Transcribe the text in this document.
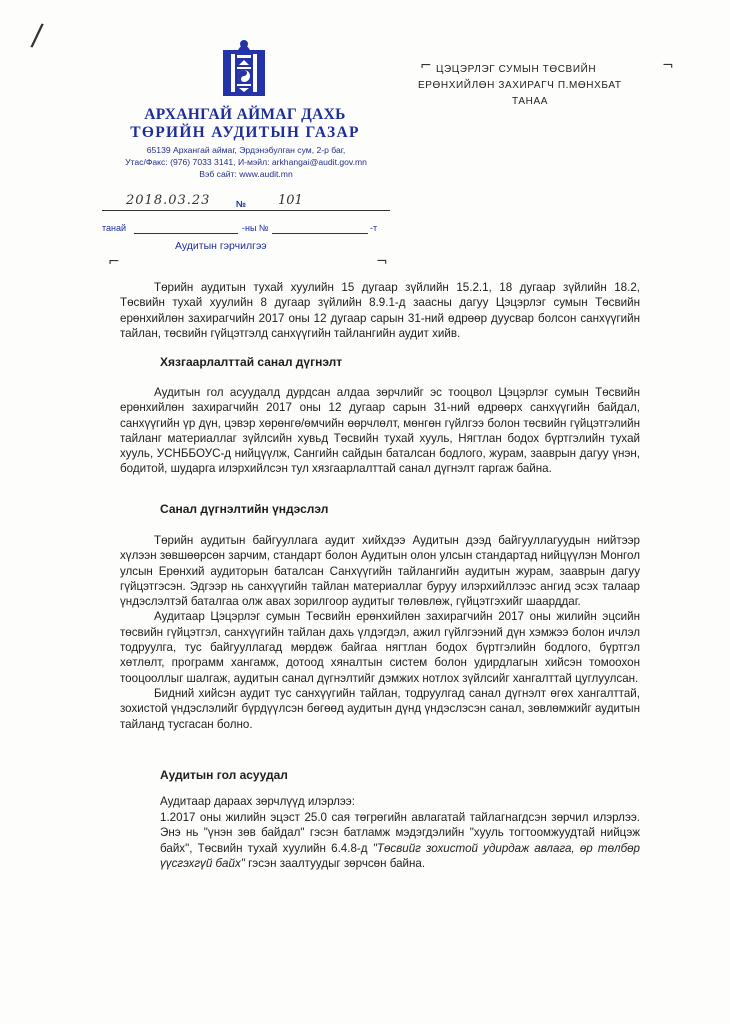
/
АРХАНГАЙ АЙМАГ ДАХЬ
ТӨРИЙН АУДИТЫН ГАЗАР
65139 Архангай аймаг, Эрдэнэбулган сум, 2-р баг,
Утас/Факс: (976) 7033 3141, И-мэйл: arkhangai@audit.gov.mn
Вэб сайт: www.audit.mn
2018.03.23	№ 101
танай	-ны №	-т
Аудитын гэрчилгээ
⌐	¬
⌐	¬
ЦЭЦЭРЛЭГ СУМЫН ТӨСВИЙН
ЕРӨНХИЙЛӨН ЗАХИРАГЧ П.МӨНХБАТ
ТАНАА

Төрийн аудитын тухай хуулийн 15 дугаар зүйлийн 15.2.1, 18 дугаар зүйлийн 18.2, Төсвийн тухай хуулийн 8 дугаар зүйлийн 8.9.1-д заасны дагуу Цэцэрлэг сумын Төсвийн ерөнхийлөн захирагчийн 2017 оны 12 дугаар сарын 31-ний өдрөөр дуусвар болсон санхүүгийн тайлан, төсвийн гүйцэтгэлд санхүүгийн тайлангийн аудит хийв.

Хязгаарлалттай санал дүгнэлт

Аудитын гол асуудалд дурдсан алдаа зөрчлийг эс тооцвол Цэцэрлэг сумын Төсвийн ерөнхийлөн захирагчийн 2017 оны 12 дугаар сарын 31-ний өдрөөрх санхүүгийн байдал, санхүүгийн үр дүн, цэвэр хөрөнгө/өмчийн өөрчлөлт, мөнгөн гүйлгээ болон төсвийн гүйцэтгэлийн тайланг материаллаг зүйлсийн хувьд Төсвийн тухай хууль, Нягтлан бодох бүртгэлийн тухай хууль, УСНББОУС-д нийцүүлж, Сангийн сайдын баталсан бодлого, журам, зааврын дагуу үнэн, бодитой, шударга илэрхийлсэн тул хязгаарлалттай санал дүгнэлт гаргаж байна.

Санал дүгнэлтийн үндэслэл

Төрийн аудитын байгууллага аудит хийхдээ Аудитын дээд байгууллагуудын нийтээр хүлээн зөвшөөрсөн зарчим, стандарт болон Аудитын олон улсын стандартад нийцүүлэн Монгол улсын Ерөнхий аудиторын баталсан Санхүүгийн тайлангийн аудитын журам, зааврын дагуу гүйцэтгэсэн. Эдгээр нь санхүүгийн тайлан материаллаг буруу илэрхийллээс ангид эсэх талаар үндэслэлтэй баталгаа олж авах зорилгоор аудитыг төлөвлөж, гүйцэтгэхийг шаарддаг.

Аудитаар Цэцэрлэг сумын Төсвийн ерөнхийлөн захирагчийн 2017 оны жилийн эцсийн төсвийн гүйцэтгэл, санхүүгийн тайлан дахь үлдэгдэл, ажил гүйлгээний дүн хэмжээ болон ичлэл тодруулга, тус байгууллагад мөрдөж байгаа нягтлан бодох бүртгэлийн бодлого, бүртгэл хөтлөлт, программ хангамж, дотоод хяналтын систем болон удирдлагын хийсэн томоохон тооцооллыг шалгаж, аудитын санал дүгнэлтийг дэмжих нотлох зүйлсийг хангалттай цуглуулсан.

Бидний хийсэн аудит тус санхүүгийн тайлан, тодруулгад санал дүгнэлт өгөх хангалттай, зохистой үндэслэлийг бүрдүүлсэн бөгөөд аудитын дүнд үндэслэсэн санал, зөвлөмжийг аудитын тайланд тусгасан болно.

Аудитын гол асуудал
Аудитаар дараах зөрчлүүд илэрлээ:

1.2017 оны жилийн эцэст 25.0 сая төгрөгийн авлагатай тайлагнагдсэн зөрчил илэрлээ. Энэ нь "үнэн зөв байдал" гэсэн батламж мэдэгдэлийн "хууль тогтоомжуудтай нийцэж байх", Төсвийн тухай хуулийн 6.4.8-д "Төсвийг зохистой удирдаж авлага, өр төлбөр үүсгэхгүй байх" гэсэн заалтуудыг зөрчсөн байна.
